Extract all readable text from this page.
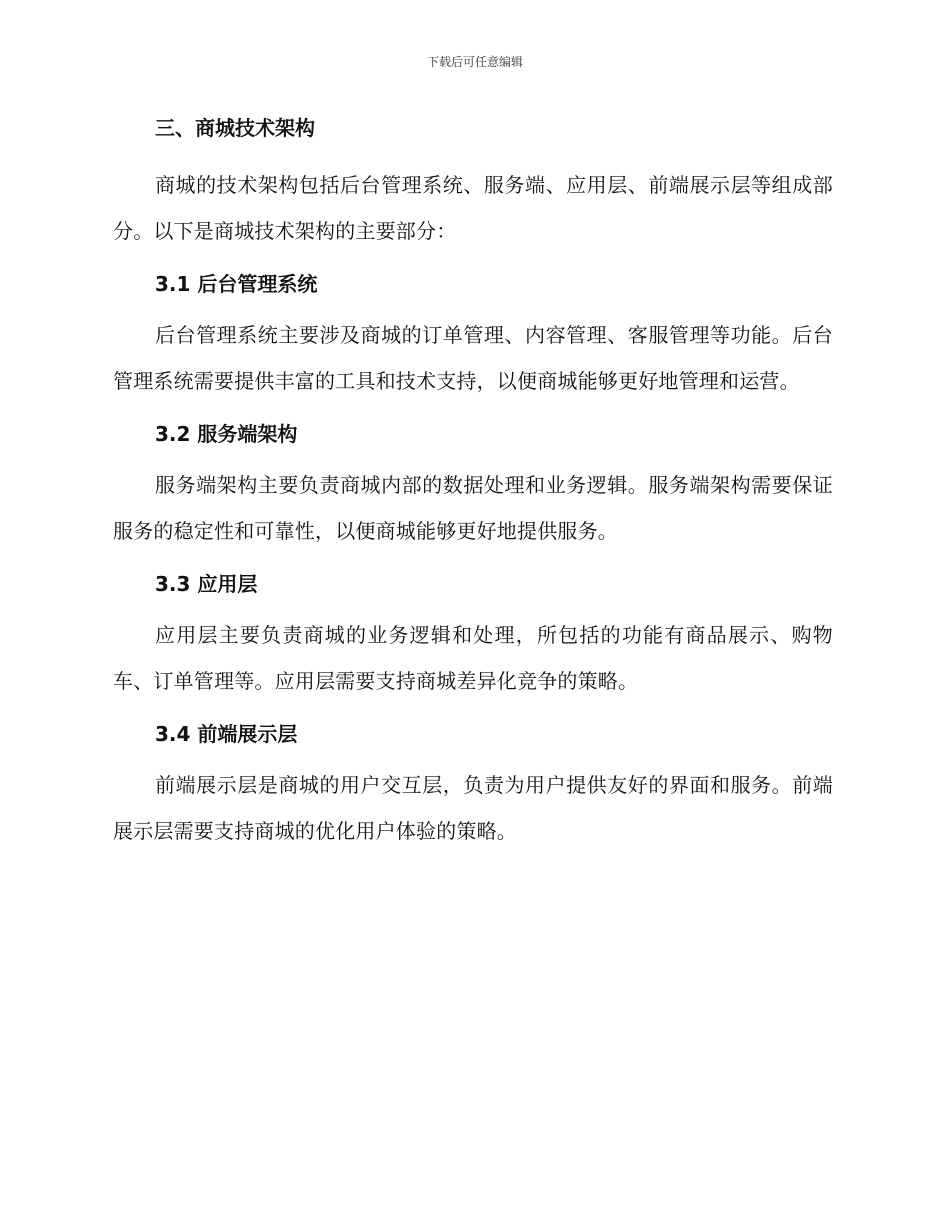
下载后可任意编辑
三、商城技术架构

商城的技术架构包括后台管理系统、服务端、应用层、前端展示层等组成部分。以下是商城技术架构的主要部分：

3.1 后台管理系统

后台管理系统主要涉及商城的订单管理、内容管理、客服管理等功能。后台管理系统需要提供丰富的工具和技术支持，以便商城能够更好地管理和运营。

3.2 服务端架构

服务端架构主要负责商城内部的数据处理和业务逻辑。服务端架构需要保证服务的稳定性和可靠性，以便商城能够更好地提供服务。

3.3 应用层

应用层主要负责商城的业务逻辑和处理，所包括的功能有商品展示、购物车、订单管理等。应用层需要支持商城差异化竞争的策略。

3.4 前端展示层

前端展示层是商城的用户交互层，负责为用户提供友好的界面和服务。前端展示层需要支持商城的优化用户体验的策略。
